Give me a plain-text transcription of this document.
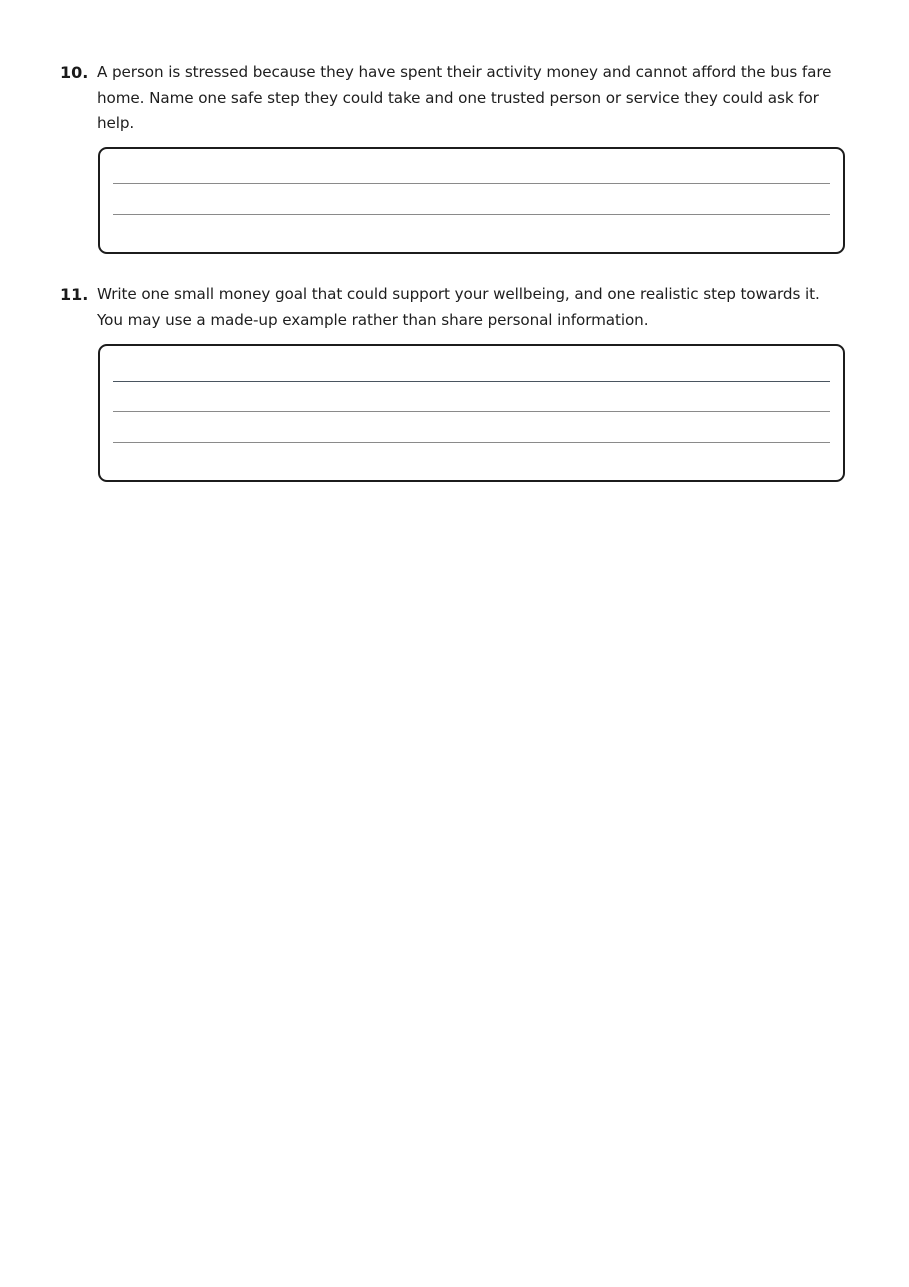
10. A person is stressed because they have spent their activity money and cannot afford the bus fare home. Name one safe step they could take and one trusted person or service they could ask for help.
11. Write one small money goal that could support your wellbeing, and one realistic step towards it. You may use a made-up example rather than share personal information.
